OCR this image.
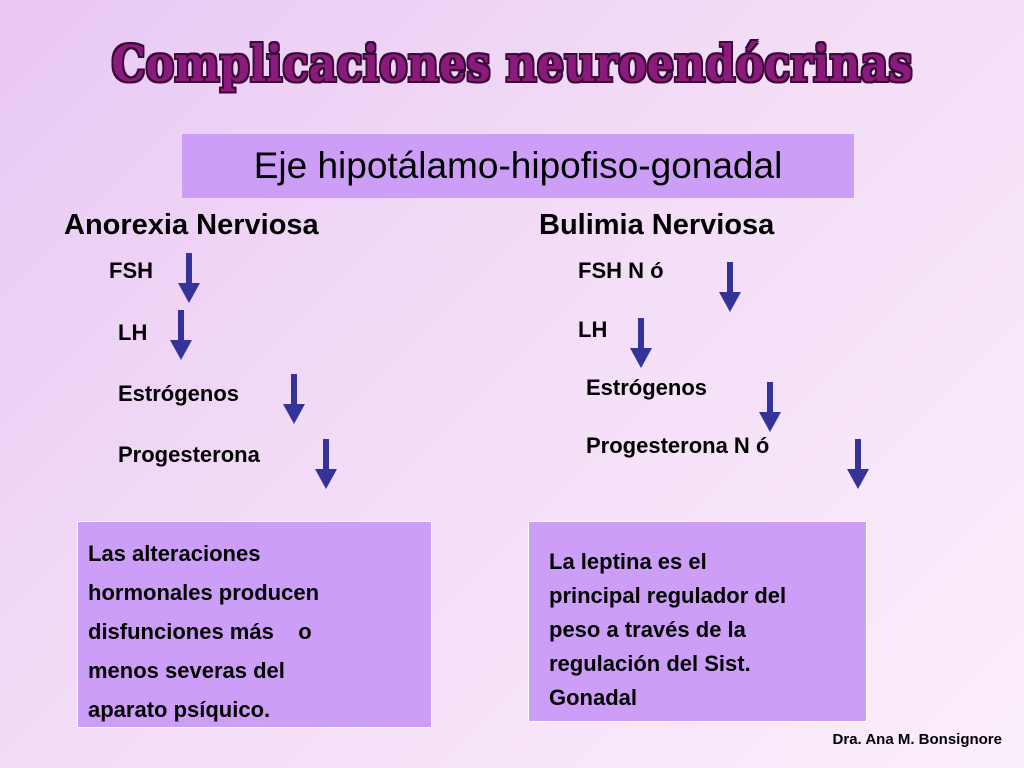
Complicaciones neuroendócrinas
Eje hipotálamo-hipofiso-gonadal
Anorexia Nerviosa
FSH
LH
Estrógenos
Progesterona
Bulimia Nerviosa
FSH N ó
LH
Estrógenos
Progesterona N ó

Las alteraciones

hormonales producen

disfunciones más    o

menos severas del

aparato psíquico.

La leptina es el

principal regulador del

peso a través de la

regulación del Sist.

Gonadal

Dra. Ana M. Bonsignore
